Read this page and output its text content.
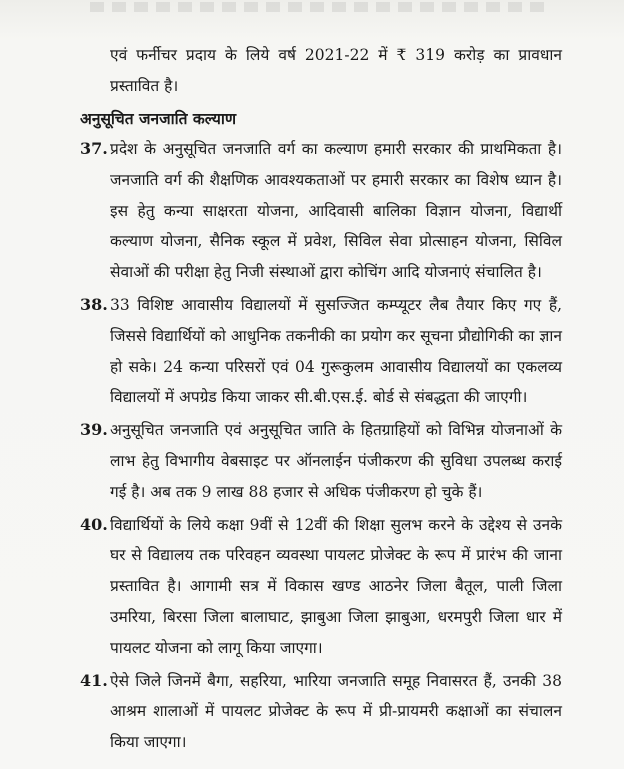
एवं फर्नीचर प्रदाय के लिये वर्ष 2021-22 में ₹ 319 करोड़ का प्रावधान प्रस्तावित है।
अनुसूचित जनजाति कल्याण
37. प्रदेश के अनुसूचित जनजाति वर्ग का कल्याण हमारी सरकार की प्राथमिकता है। जनजाति वर्ग की शैक्षणिक आवश्यकताओं पर हमारी सरकार का विशेष ध्यान है। इस हेतु कन्या साक्षरता योजना, आदिवासी बालिका विज्ञान योजना, विद्यार्थी कल्याण योजना, सैनिक स्कूल में प्रवेश, सिविल सेवा प्रोत्साहन योजना, सिविल सेवाओं की परीक्षा हेतु निजी संस्थाओं द्वारा कोचिंग आदि योजनाएं संचालित है।
38. 33 विशिष्ट आवासीय विद्यालयों में सुसज्जित कम्प्यूटर लैब तैयार किए गए हैं, जिससे विद्यार्थियों को आधुनिक तकनीकी का प्रयोग कर सूचना प्रौद्योगिकी का ज्ञान हो सके। 24 कन्या परिसरों एवं 04 गुरूकुलम आवासीय विद्यालयों का एकलव्य विद्यालयों में अपग्रेड किया जाकर सी.बी.एस.ई. बोर्ड से संबद्धता की जाएगी।
39. अनुसूचित जनजाति एवं अनुसूचित जाति के हितग्राहियों को विभिन्न योजनाओं के लाभ हेतु विभागीय वेबसाइट पर ऑनलाईन पंजीकरण की सुविधा उपलब्ध कराई गई है। अब तक 9 लाख 88 हजार से अधिक पंजीकरण हो चुके हैं।
40. विद्यार्थियों के लिये कक्षा 9वीं से 12वीं की शिक्षा सुलभ करने के उद्देश्य से उनके घर से विद्यालय तक परिवहन व्यवस्था पायलट प्रोजेक्ट के रूप में प्रारंभ की जाना प्रस्तावित है। आगामी सत्र में विकास खण्ड आठनेर जिला बैतूल, पाली जिला उमरिया, बिरसा जिला बालाघाट, झाबुआ जिला झाबुआ, धरमपुरी जिला धार में पायलट योजना को लागू किया जाएगा।
41. ऐसे जिले जिनमें बैगा, सहरिया, भारिया जनजाति समूह निवासरत हैं, उनकी 38 आश्रम शालाओं में पायलट प्रोजेक्ट के रूप में प्री-प्रायमरी कक्षाओं का संचालन किया जाएगा।
